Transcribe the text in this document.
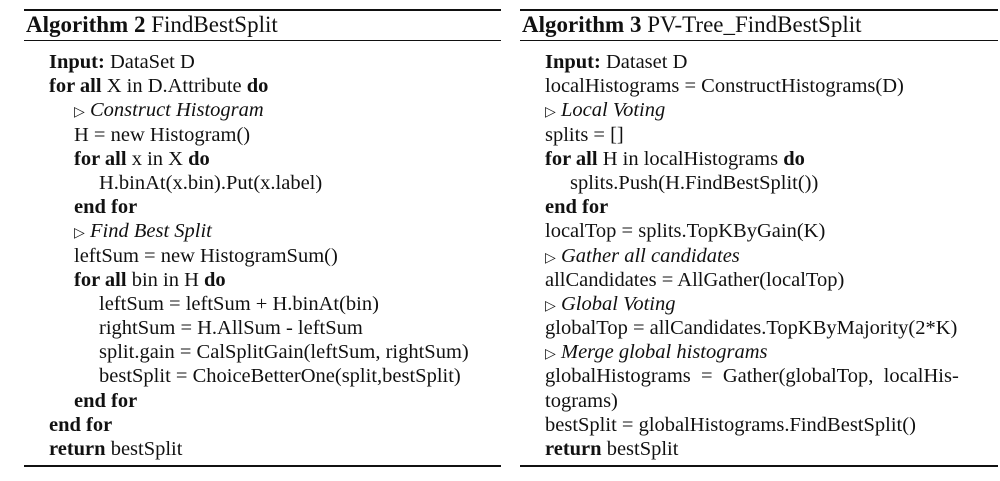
Algorithm 2 FindBestSplit
Input: DataSet D
for all X in D.Attribute do
▷ Construct Histogram
H = new Histogram()
for all x in X do
H.binAt(x.bin).Put(x.label)
end for
▷ Find Best Split
leftSum = new HistogramSum()
for all bin in H do
leftSum = leftSum + H.binAt(bin)
rightSum = H.AllSum - leftSum
split.gain = CalSplitGain(leftSum, rightSum)
bestSplit = ChoiceBetterOne(split,bestSplit)
end for
end for
return bestSplit
Algorithm 3 PV-Tree_FindBestSplit
Input: Dataset D
localHistograms = ConstructHistograms(D)
▷ Local Voting
splits = []
for all H in localHistograms do
splits.Push(H.FindBestSplit())
end for
localTop = splits.TopKByGain(K)
▷ Gather all candidates
allCandidates = AllGather(localTop)
▷ Global Voting
globalTop = allCandidates.TopKByMajority(2*K)
▷ Merge global histograms
globalHistograms  =  Gather(globalTop,  localHis-
tograms)
bestSplit = globalHistograms.FindBestSplit()
return bestSplit
